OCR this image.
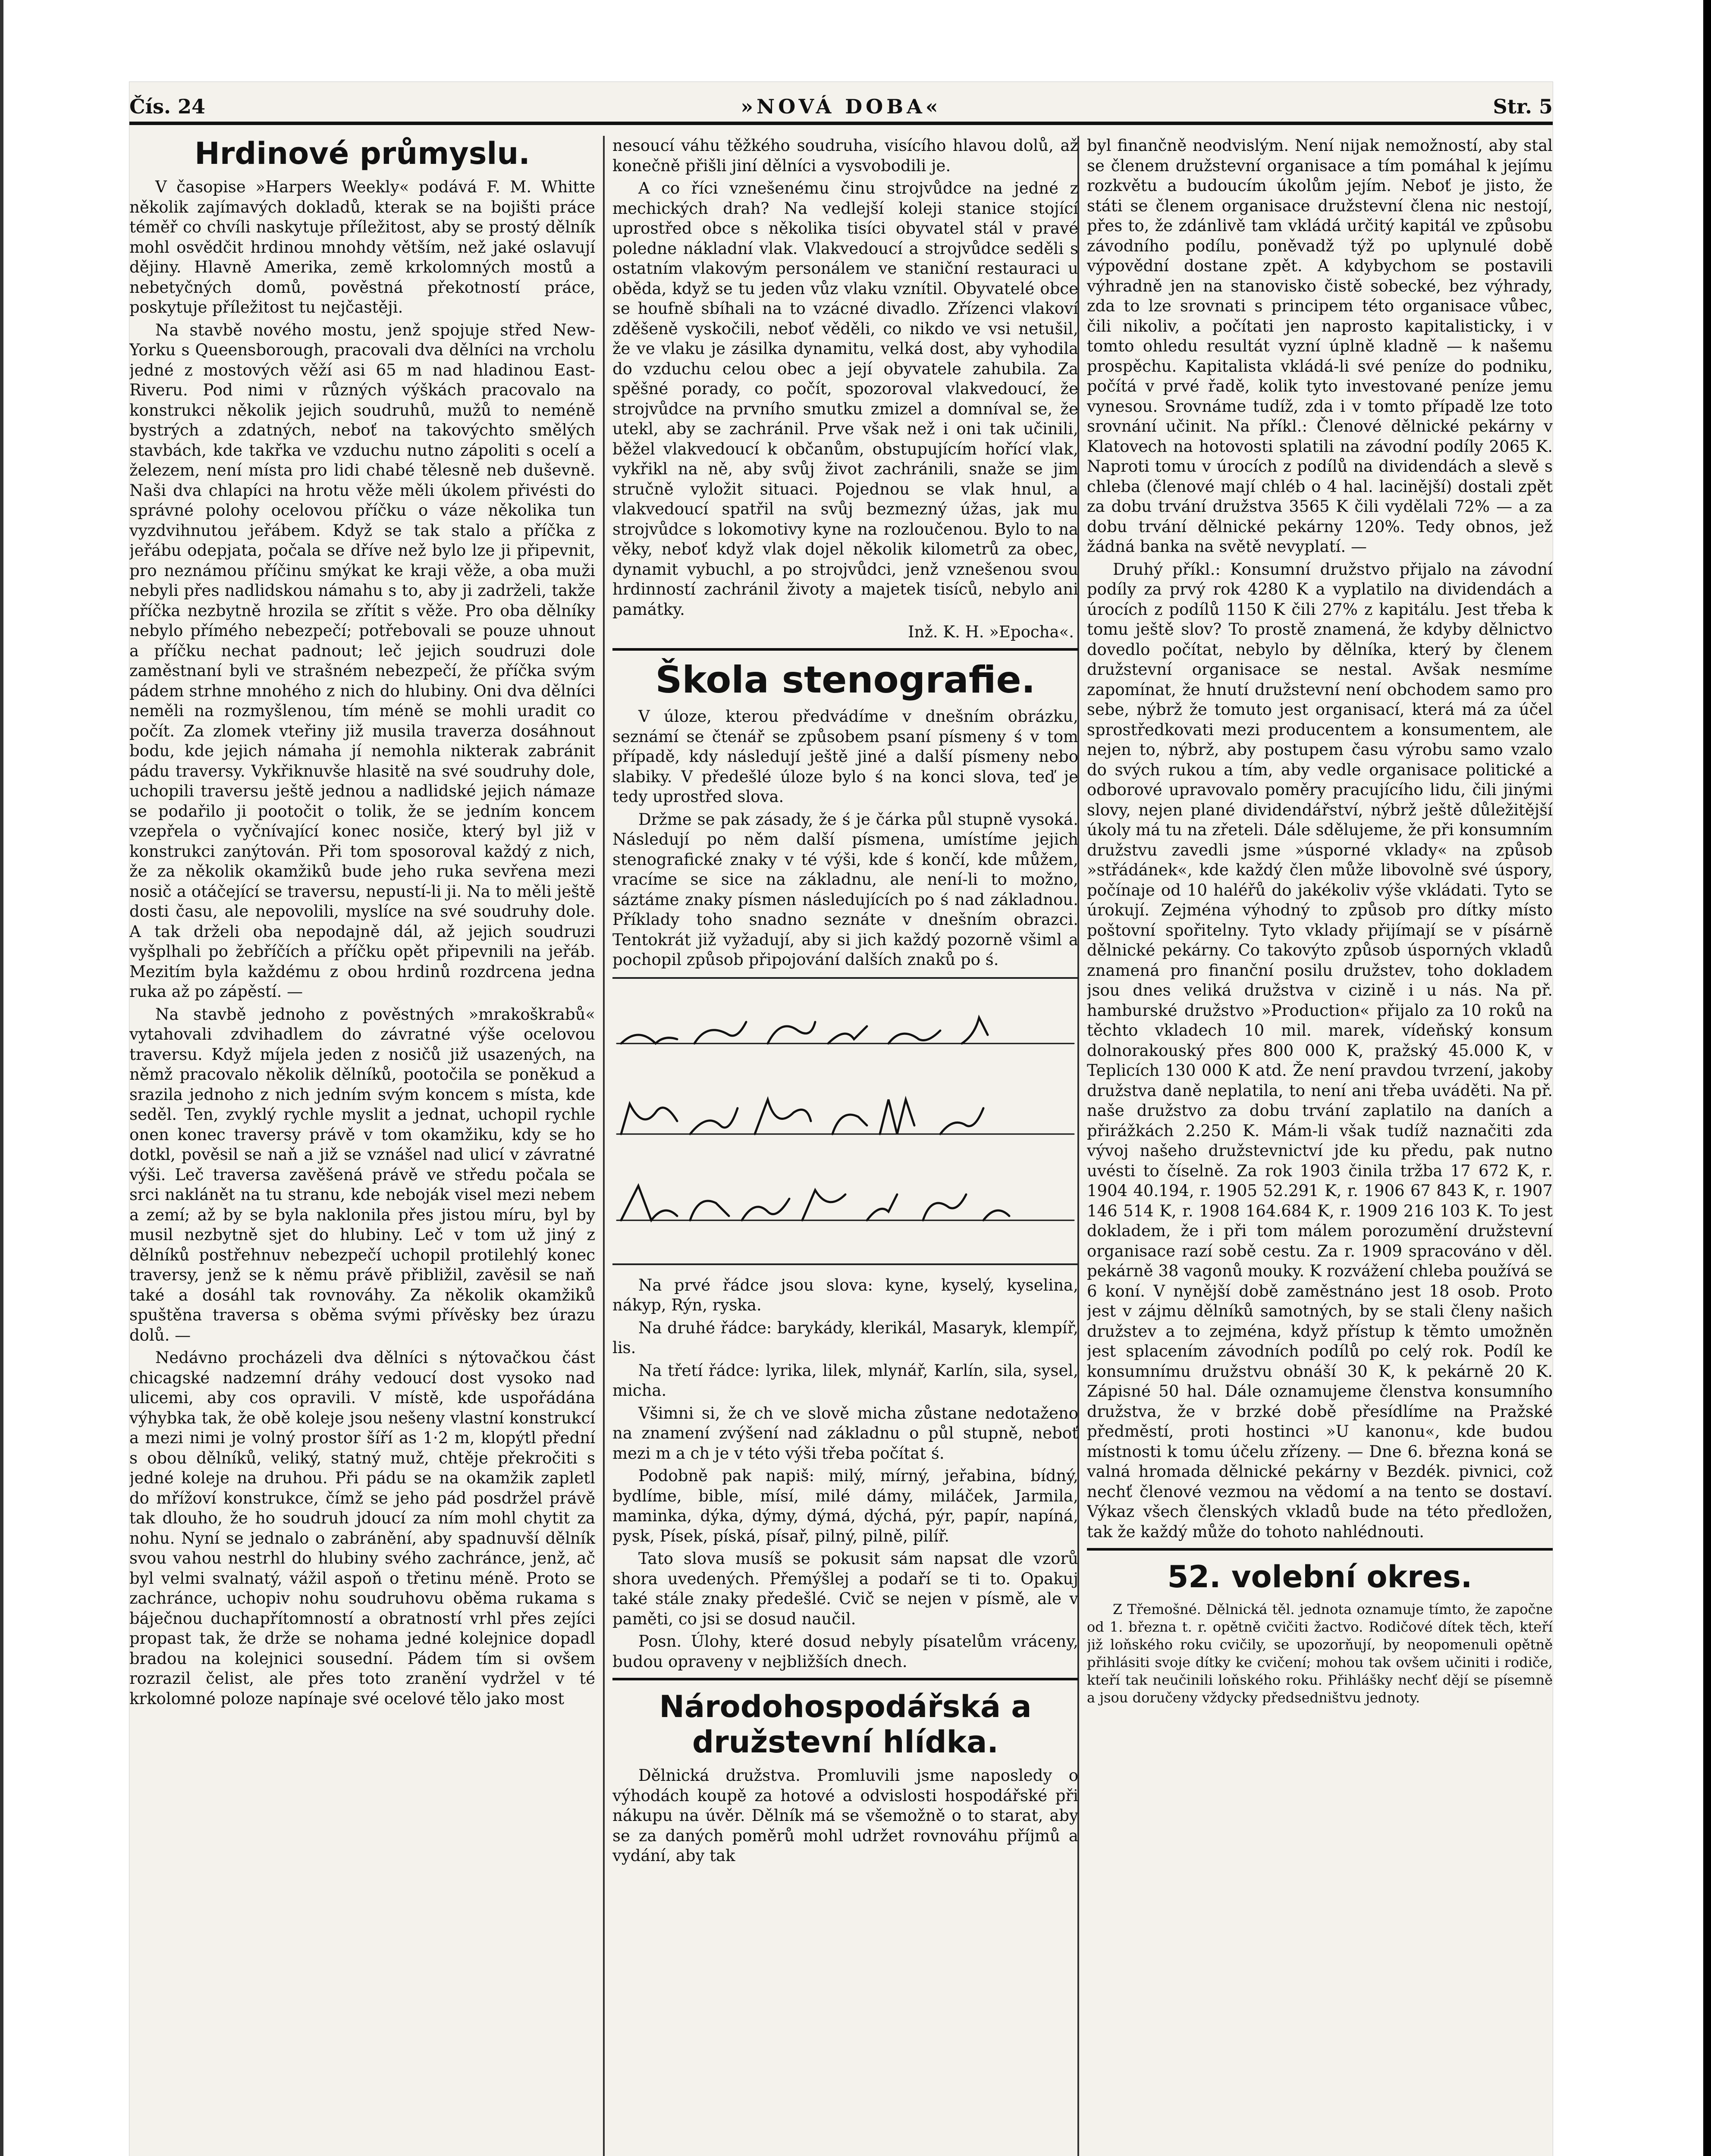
Čís. 24	»NOVÁ DOBA«	Str. 5
Hrdinové průmyslu.

V časopise »Harpers Weekly« podává F. M. Whitte několik zajímavých dokladů, kterak se na bojišti práce téměř co chvíli naskytuje příležitost, aby se prostý dělník mohl osvědčit hrdinou mnohdy větším, než jaké oslavují dějiny. Hlavně Amerika, země krkolomných mostů a nebetyčných domů, pověstná překotností práce, poskytuje příležitost tu nejčastěji.

Na stavbě nového mostu, jenž spojuje střed New-Yorku s Queensborough, pracovali dva dělníci na vrcholu jedné z mostových věží asi 65 m nad hladinou East-Riveru. Pod nimi v různých výškách pracovalo na konstrukci několik jejich soudruhů, mužů to neméně bystrých a zdatných, neboť na takovýchto smělých stavbách, kde takřka ve vzduchu nutno zápoliti s ocelí a železem, není místa pro lidi chabé tělesně neb duševně. Naši dva chlapíci na hrotu věže měli úkolem přivésti do správné polohy ocelovou příčku o váze několika tun vyzdvihnutou jeřábem. Když se tak stalo a příčka z jeřábu odepjata, počala se dříve než bylo lze ji připevnit, pro neznámou příčinu smýkat ke kraji věže, a oba muži nebyli přes nadlidskou námahu s to, aby ji zadrželi, takže příčka nezbytně hrozila se zřítit s věže. Pro oba dělníky nebylo přímého nebezpečí; potřebovali se pouze uhnout a příčku nechat padnout; leč jejich soudruzi dole zaměstnaní byli ve strašném nebezpečí, že příčka svým pádem strhne mnohého z nich do hlubiny. Oni dva dělníci neměli na rozmyšlenou, tím méně se mohli uradit co počít. Za zlomek vteřiny již musila traverza dosáhnout bodu, kde jejich námaha jí nemohla nikterak zabránit pádu traversy. Vykřiknuvše hlasitě na své soudruhy dole, uchopili traversu ještě jednou a nadlidské jejich námaze se podařilo ji pootočit o tolik, že se jedním koncem vzepřela o vyčnívající konec nosiče, který byl již v konstrukci zanýtován. Při tom sposoroval každý z nich, že za několik okamžiků bude jeho ruka sevřena mezi nosič a otáčející se traversu, nepustí-li ji. Na to měli ještě dosti času, ale nepovolili, myslíce na své soudruhy dole. A tak drželi oba nepodajně dál, až jejich soudruzi vyšplhali po žebříčích a příčku opět připevnili na jeřáb. Mezitím byla každému z obou hrdinů rozdrcena jedna ruka až po zápěstí. —

Na stavbě jednoho z pověstných »mrakoškrabů« vytahovali zdvihadlem do závratné výše ocelovou traversu. Když míjela jeden z nosičů již usazených, na němž pracovalo několik dělníků, pootočila se poněkud a srazila jednoho z nich jedním svým koncem s místa, kde seděl. Ten, zvyklý rychle myslit a jednat, uchopil rychle onen konec traversy právě v tom okamžiku, kdy se ho dotkl, pověsil se naň a již se vznášel nad ulicí v závratné výši. Leč traversa zavěšená právě ve středu počala se srci naklánět na tu stranu, kde neboják visel mezi nebem a zemí; až by se byla naklonila přes jistou míru, byl by musil nezbytně sjet do hlubiny. Leč v tom už jiný z dělníků postřehnuv nebezpečí uchopil protilehlý konec traversy, jenž se k němu právě přibližil, zavěsil se naň také a dosáhl tak rovnováhy. Za několik okamžiků spuštěna traversa s oběma svými přívěsky bez úrazu dolů. —

Nedávno procházeli dva dělníci s nýtovačkou část chicagské nadzemní dráhy vedoucí dost vysoko nad ulicemi, aby cos opravili. V místě, kde uspořádána výhybka tak, že obě koleje jsou nešeny vlastní konstrukcí a mezi nimi je volný prostor šíří as 1·2 m, klopýtl přední s obou dělníků, veliký, statný muž, chtěje překročiti s jedné koleje na druhou. Při pádu se na okamžik zapletl do mřížoví konstrukce, čímž se jeho pád posdržel právě tak dlouho, že ho soudruh jdoucí za ním mohl chytit za nohu. Nyní se jednalo o zabránění, aby spadnuvší dělník svou vahou nestrhl do hlubiny svého zachránce, jenž, ač byl velmi svalnatý, vážil aspoň o třetinu méně. Proto se zachránce, uchopiv nohu soudruhovu oběma rukama s báječnou duchapřítomností a obratností vrhl přes zejíci propast tak, že drže se nohama jedné kolejnice dopadl bradou na kolejnici sousední. Pádem tím si ovšem rozrazil čelist, ale přes toto zranění vydržel v té krkolomné poloze napínaje své ocelové tělo jako most

nesoucí váhu těžkého soudruha, visícího hlavou dolů, až konečně přišli jiní dělníci a vysvobodili je.

A co říci vznešenému činu strojvůdce na jedné z mechických drah? Na vedlejší koleji stanice stojící uprostřed obce s několika tisíci obyvatel stál v pravé poledne nákladní vlak. Vlakvedoucí a strojvůdce seděli s ostatním vlakovým personálem ve staniční restauraci u oběda, když se tu jeden vůz vlaku vznítil. Obyvatelé obce se houfně sbíhali na to vzácné divadlo. Zřízenci vlakoví zděšeně vyskočili, neboť věděli, co nikdo ve vsi netušil, že ve vlaku je zásilka dynamitu, velká dost, aby vyhodila do vzduchu celou obec a její obyvatele zahubila. Za spěšné porady, co počít, spozoroval vlakvedoucí, že strojvůdce na prvního smutku zmizel a domníval se, že utekl, aby se zachránil. Prve však než i oni tak učinili, běžel vlakvedoucí k občanům, obstupujícím hořící vlak, vykřikl na ně, aby svůj život zachránili, snaže se jim stručně vyložit situaci. Pojednou se vlak hnul, a vlakvedoucí spatřil na svůj bezmezný úžas, jak mu strojvůdce s lokomotivy kyne na rozloučenou. Bylo to na věky, neboť když vlak dojel několik kilometrů za obec, dynamit vybuchl, a po strojvůdci, jenž vznešenou svou hrdinností zachránil životy a majetek tisíců, nebylo ani památky.

Inž. K. H. »Epocha«.
Škola stenografie.

V úloze, kterou předvádíme v dnešním obrázku, seznámí se čtenář se způsobem psaní písmeny ś v tom případě, kdy následují ještě jiné a další písmeny nebo slabiky. V předešlé úloze bylo ś na konci slova, teď je tedy uprostřed slova.

Držme se pak zásady, že ś je čárka půl stupně vysoká. Následují po něm další písmena, umístíme jejich stenografické znaky v té výši, kde ś končí, kde můžem, vracíme se sice na základnu, ale není-li to možno, sáztáme znaky písmen následujících po ś nad základnou. Příklady toho snadno seznáte v dnešním obrazci. Tentokrát již vyžadují, aby si jich každý pozorně všiml a pochopil způsob připojování dalších znaků po ś.

Na prvé řádce jsou slova: kyne, kyselý, kyselina, nákyp, Rýn, ryska.

Na druhé řádce: barykády, klerikál, Masaryk, klempíř, lis.

Na třetí řádce: lyrika, lilek, mlynář, Karlín, sila, sysel, micha.

Všimni si, že ch ve slově micha zůstane nedotaženo na znamení zvýšení nad základnu o půl stupně, neboť mezi m a ch je v této výši třeba počítat ś.

Podobně pak napiš: milý, mírný, jeřabina, bídný, bydlíme, bible, mísí, milé dámy, miláček, Jarmila, maminka, dýka, dýmy, dýmá, dýchá, pýr, papír, napíná, pysk, Písek, píská, písař, pilný, pilně, pilíř.

Tato slova musíš se pokusit sám napsat dle vzorů shora uvedených. Přemýšlej a podaří se ti to. Opakuj také stále znaky předešlé. Cvič se nejen v písmě, ale v paměti, co jsi se dosud naučil.

Posn. Úlohy, které dosud nebyly písatelům vráceny, budou opraveny v nejbližších dnech.

Národohospodářská a družstevní hlídka.

Dělnická družstva. Promluvili jsme naposledy o výhodách koupě za hotové a odvislosti hospodářské při nákupu na úvěr. Dělník má se všemožně o to starat, aby se za daných poměrů mohl udržet rovnováhu příjmů a vydání, aby tak

byl finančně neodvislým. Není nijak nemožností, aby stal se členem družstevní organisace a tím pomáhal k jejímu rozkvětu a budoucím úkolům jejím. Neboť je jisto, že státi se členem organisace družstevní člena nic nestojí, přes to, že zdánlivě tam vkládá určitý kapitál ve způsobu závodního podílu, poněvadž týž po uplynulé době výpovědní dostane zpět. A kdybychom se postavili výhradně jen na stanovisko čistě sobecké, bez výhrady, zda to lze srovnati s principem této organisace vůbec, čili nikoliv, a počítati jen naprosto kapitalisticky, i v tomto ohledu resultát vyzní úplně kladně — k našemu prospěchu. Kapitalista vkládá-li své peníze do podniku, počítá v prvé řadě, kolik tyto investované peníze jemu vynesou. Srovnáme tudíž, zda i v tomto případě lze toto srovnání učinit. Na příkl.: Členové dělnické pekárny v Klatovech na hotovosti splatili na závodní podíly 2065 K. Naproti tomu v úrocích z podílů na dividendách a slevě s chleba (členové mají chléb o 4 hal. lacinější) dostali zpět za dobu trvání družstva 3565 K čili vydělali 72% — a za dobu trvání dělnické pekárny 120%. Tedy obnos, jež žádná banka na světě nevyplatí. —

Druhý příkl.: Konsumní družstvo přijalo na závodní podíly za prvý rok 4280 K a vyplatilo na dividendách a úrocích z podílů 1150 K čili 27% z kapitálu. Jest třeba k tomu ještě slov? To prostě znamená, že kdyby dělnictvo dovedlo počítat, nebylo by dělníka, který by členem družstevní organisace se nestal. Avšak nesmíme zapomínat, že hnutí družstevní není obchodem samo pro sebe, nýbrž že tomuto jest organisací, která má za účel sprostředkovati mezi producentem a konsumentem, ale nejen to, nýbrž, aby postupem času výrobu samo vzalo do svých rukou a tím, aby vedle organisace politické a odborové upravovalo poměry pracujícího lidu, čili jinými slovy, nejen plané dividendářství, nýbrž ještě důležitější úkoly má tu na zřeteli. Dále sdělujeme, že při konsumním družstvu zavedli jsme »úsporné vklady« na způsob »střádánek«, kde každý člen může libovolně své úspory, počínaje od 10 haléřů do jakékoliv výše vkládati. Tyto se úrokují. Zejména výhodný to způsob pro dítky místo poštovní spořitelny. Tyto vklady přijímají se v písárně dělnické pekárny. Co takovýto způsob úsporných vkladů znamená pro finanční posilu družstev, toho dokladem jsou dnes veliká družstva v cizině i u nás. Na př. hamburské družstvo »Production« přijalo za 10 roků na těchto vkladech 10 mil. marek, vídeňský konsum dolnorakouský přes 800 000 K, pražský 45.000 K, v Teplicích 130 000 K atd. Že není pravdou tvrzení, jakoby družstva daně neplatila, to není ani třeba uváděti. Na př. naše družstvo za dobu trvání zaplatilo na daních a přirážkách 2.250 K. Mám-li však tudíž naznačiti zda vývoj našeho družstevnictví jde ku předu, pak nutno uvésti to číselně. Za rok 1903 činila tržba 17 672 K, r. 1904 40.194, r. 1905 52.291 K, r. 1906 67 843 K, r. 1907 146 514 K, r. 1908 164.684 K, r. 1909 216 103 K. To jest dokladem, že i při tom málem porozumění družstevní organisace razí sobě cestu. Za r. 1909 spracováno v děl. pekárně 38 vagonů mouky. K rozvážení chleba používá se 6 koní. V nynější době zaměstnáno jest 18 osob. Proto jest v zájmu dělníků samotných, by se stali členy našich družstev a to zejména, když přístup k těmto umožněn jest splacením závodních podílů po celý rok. Podíl ke konsumnímu družstvu obnáší 30 K, k pekárně 20 K. Zápisné 50 hal. Dále oznamujeme členstva konsumního družstva, že v brzké době přesídlíme na Pražské předměstí, proti hostinci »U kanonu«, kde budou místnosti k tomu účelu zřízeny. — Dne 6. března koná se valná hromada dělnické pekárny v Bezdék. pivnici, což nechť členové vezmou na vědomí a na tento se dostaví. Výkaz všech členských vkladů bude na této předložen, tak že každý může do tohoto nahlédnouti.

52. volební okres.

Z Třemošné. Dělnická těl. jednota oznamuje tímto, že započne od 1. března t. r. opětně cvičiti žactvo. Rodičové dítek těch, kteří již loňského roku cvičily, se upozorňují, by neopomenuli opětně přihlásiti svoje dítky ke cvičení; mohou tak ovšem učiniti i rodiče, kteří tak neučinili loňského roku. Přihlášky nechť dějí se písemně a jsou doručeny vždycky předsedništvu jednoty.
